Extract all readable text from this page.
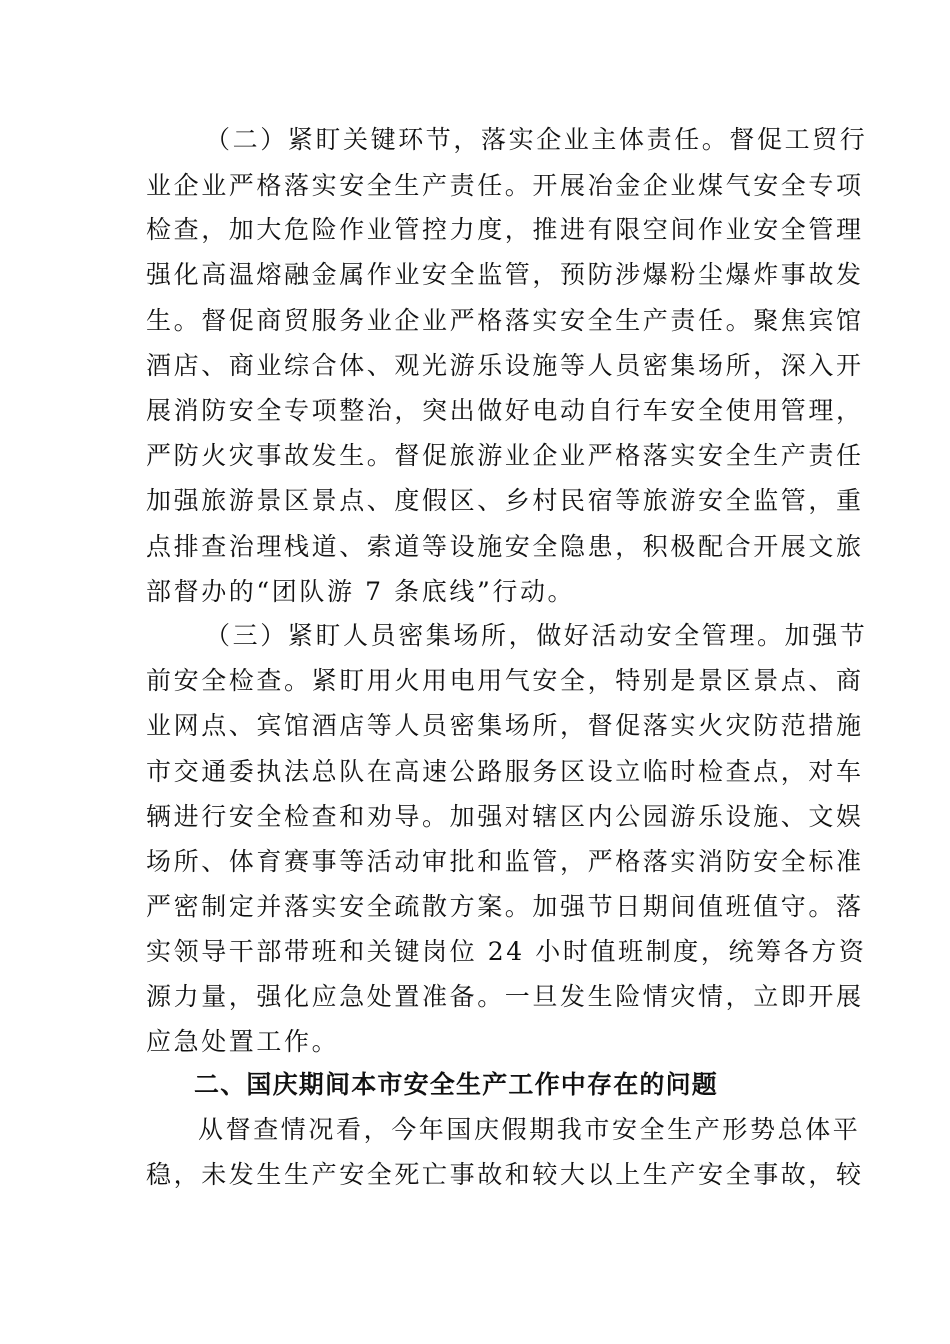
（二）紧盯关键环节，落实企业主体责任。督促工贸行
业企业严格落实安全生产责任。开展冶金企业煤气安全专项
检查，加大危险作业管控力度，推进有限空间作业安全管理
强化高温熔融金属作业安全监管，预防涉爆粉尘爆炸事故发
生。督促商贸服务业企业严格落实安全生产责任。聚焦宾馆
酒店、商业综合体、观光游乐设施等人员密集场所，深入开
展消防安全专项整治，突出做好电动自行车安全使用管理，
严防火灾事故发生。督促旅游业企业严格落实安全生产责任
加强旅游景区景点、度假区、乡村民宿等旅游安全监管，重
点排查治理栈道、索道等设施安全隐患，积极配合开展文旅
部督办的“团队游 7 条底线”行动。
（三）紧盯人员密集场所，做好活动安全管理。加强节
前安全检查。紧盯用火用电用气安全，特别是景区景点、商
业网点、宾馆酒店等人员密集场所，督促落实火灾防范措施
市交通委执法总队在高速公路服务区设立临时检查点，对车
辆进行安全检查和劝导。加强对辖区内公园游乐设施、文娱
场所、体育赛事等活动审批和监管，严格落实消防安全标准
严密制定并落实安全疏散方案。加强节日期间值班值守。落
实领导干部带班和关键岗位 24 小时值班制度，统筹各方资
源力量，强化应急处置准备。一旦发生险情灾情，立即开展
应急处置工作。
二、国庆期间本市安全生产工作中存在的问题
从督查情况看，今年国庆假期我市安全生产形势总体平
稳，未发生生产安全死亡事故和较大以上生产安全事故，较
